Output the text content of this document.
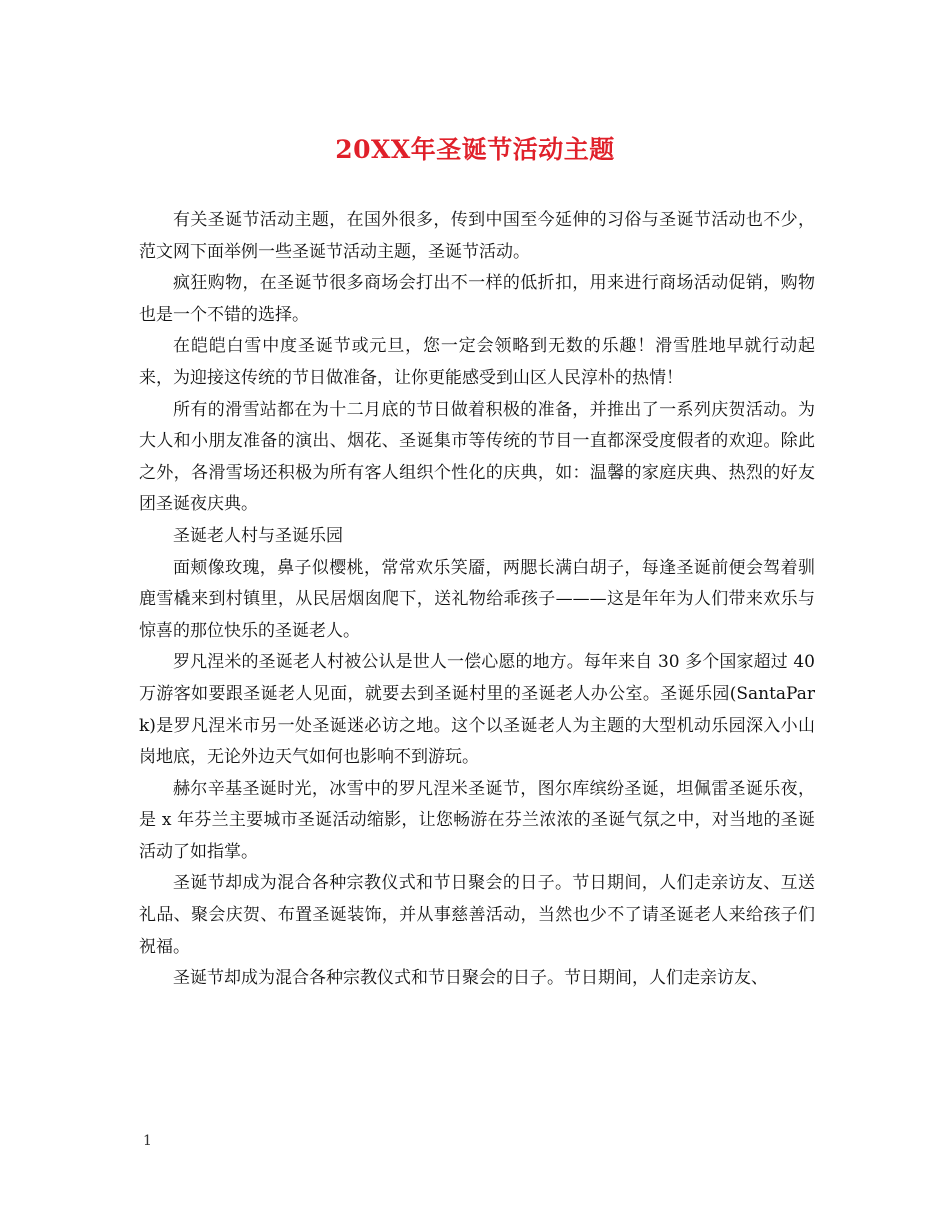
20XX年圣诞节活动主题

有关圣诞节活动主题，在国外很多，传到中国至今延伸的习俗与圣诞节活动也不少，范文网下面举例一些圣诞节活动主题，圣诞节活动。

疯狂购物，在圣诞节很多商场会打出不一样的低折扣，用来进行商场活动促销，购物也是一个不错的选择。

在皑皑白雪中度圣诞节或元旦，您一定会领略到无数的乐趣！滑雪胜地早就行动起来，为迎接这传统的节日做准备，让你更能感受到山区人民淳朴的热情！

所有的滑雪站都在为十二月底的节日做着积极的准备，并推出了一系列庆贺活动。为大人和小朋友准备的演出、烟花、圣诞集市等传统的节目一直都深受度假者的欢迎。除此之外，各滑雪场还积极为所有客人组织个性化的庆典，如：温馨的家庭庆典、热烈的好友团圣诞夜庆典。

圣诞老人村与圣诞乐园

面颊像玫瑰，鼻子似樱桃，常常欢乐笑靥，两腮长满白胡子，每逢圣诞前便会驾着驯鹿雪橇来到村镇里，从民居烟囱爬下，送礼物给乖孩子———这是年年为人们带来欢乐与惊喜的那位快乐的圣诞老人。

罗凡涅米的圣诞老人村被公认是世人一偿心愿的地方。每年来自 30 多个国家超过 40 万游客如要跟圣诞老人见面，就要去到圣诞村里的圣诞老人办公室。圣诞乐园(SantaPark)是罗凡涅米市另一处圣诞迷必访之地。这个以圣诞老人为主题的大型机动乐园深入小山岗地底，无论外边天气如何也影响不到游玩。

赫尔辛基圣诞时光，冰雪中的罗凡涅米圣诞节，图尔库缤纷圣诞，坦佩雷圣诞乐夜，是 x 年芬兰主要城市圣诞活动缩影，让您畅游在芬兰浓浓的圣诞气氛之中，对当地的圣诞活动了如指掌。

圣诞节却成为混合各种宗教仪式和节日聚会的日子。节日期间，人们走亲访友、互送礼品、聚会庆贺、布置圣诞装饰，并从事慈善活动，当然也少不了请圣诞老人来给孩子们祝福。

圣诞节却成为混合各种宗教仪式和节日聚会的日子。节日期间，人们走亲访友、

1
